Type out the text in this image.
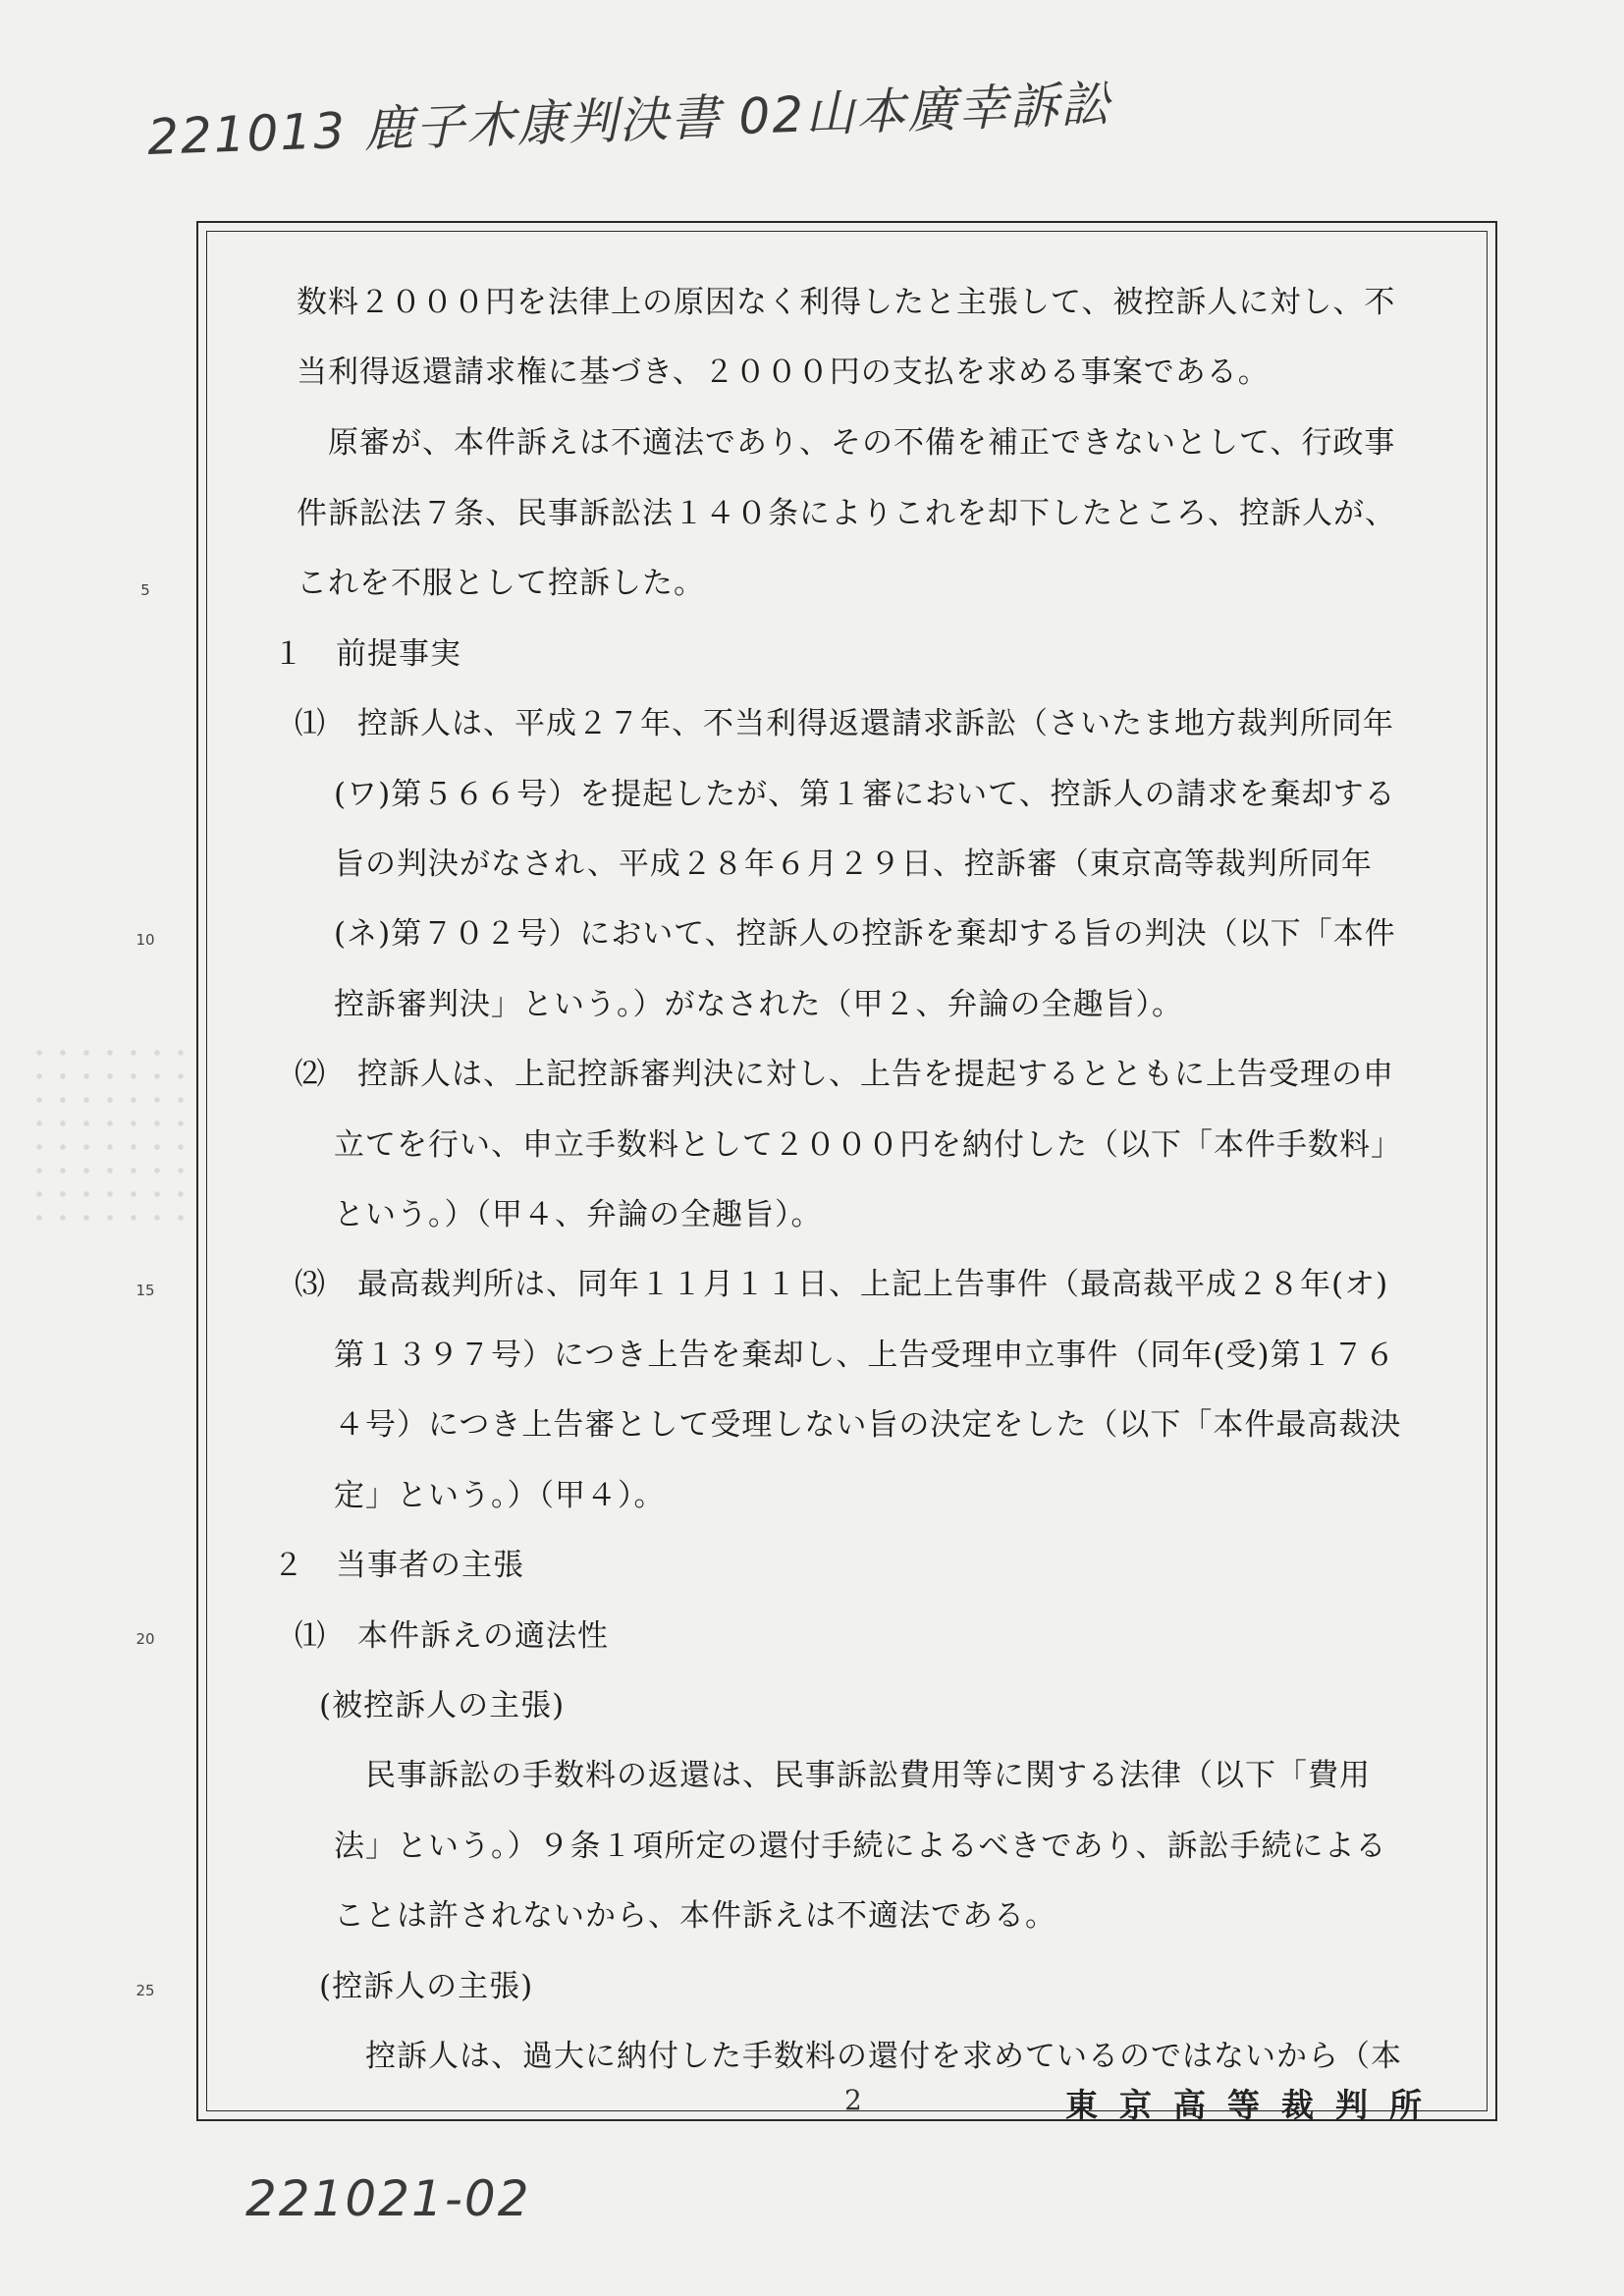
221013 鹿子木康判決書 02山本廣幸訴訟
5
10
15
20
25
数料２０００円を法律上の原因なく利得したと主張して、被控訴人に対し、不
当利得返還請求権に基づき、２０００円の支払を求める事案である。
　原審が、本件訴えは不適法であり、その不備を補正できないとして、行政事
件訴訟法７条、民事訴訟法１４０条によりこれを却下したところ、控訴人が、
これを不服として控訴した。
１　前提事実
⑴　控訴人は、平成２７年、不当利得返還請求訴訟（さいたま地方裁判所同年
(ワ)第５６６号）を提起したが、第１審において、控訴人の請求を棄却する
旨の判決がなされ、平成２８年６月２９日、控訴審（東京高等裁判所同年
(ネ)第７０２号）において、控訴人の控訴を棄却する旨の判決（以下「本件
控訴審判決」という。）がなされた（甲２、弁論の全趣旨）。
⑵　控訴人は、上記控訴審判決に対し、上告を提起するとともに上告受理の申
立てを行い、申立手数料として２０００円を納付した（以下「本件手数料」
という。）（甲４、弁論の全趣旨）。
⑶　最高裁判所は、同年１１月１１日、上記上告事件（最高裁平成２８年(オ)
第１３９７号）につき上告を棄却し、上告受理申立事件（同年(受)第１７６
４号）につき上告審として受理しない旨の決定をした（以下「本件最高裁決
定」という。）（甲４）。
２　当事者の主張
⑴　本件訴えの適法性
(被控訴人の主張)
　民事訴訟の手数料の返還は、民事訴訟費用等に関する法律（以下「費用
法」という。）９条１項所定の還付手続によるべきであり、訴訟手続による
ことは許されないから、本件訴えは不適法である。
(控訴人の主張)
　控訴人は、過大に納付した手数料の還付を求めているのではないから（本
2	東京高等裁判所
221021-02
